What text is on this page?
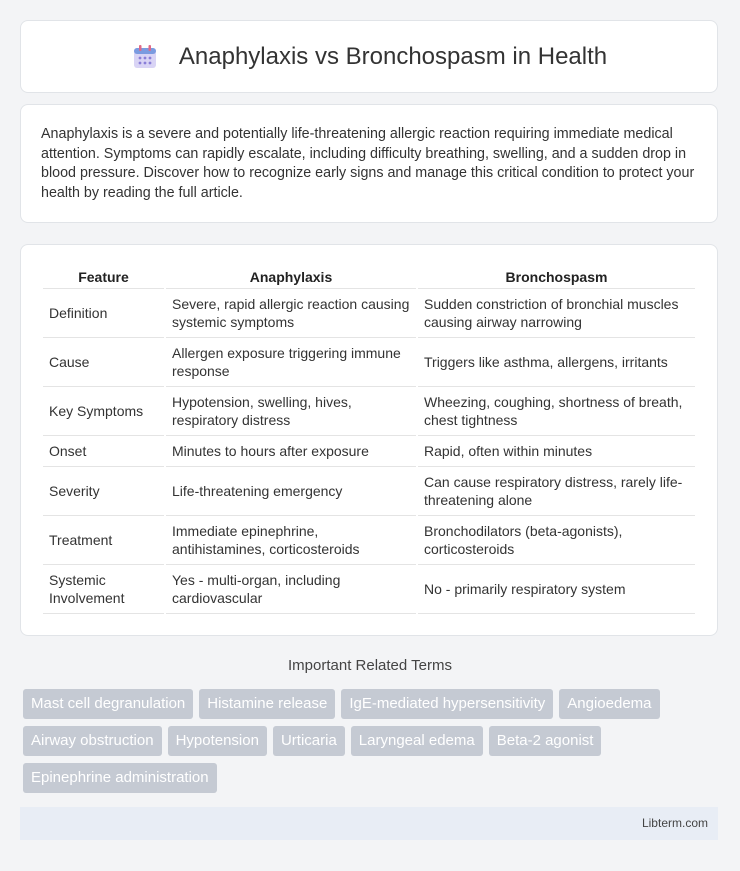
Anaphylaxis vs Bronchospasm in Health

Anaphylaxis is a severe and potentially life-threatening allergic reaction requiring immediate medical attention. Symptoms can rapidly escalate, including difficulty breathing, swelling, and a sudden drop in blood pressure. Discover how to recognize early signs and manage this critical condition to protect your health by reading the full article.

Feature	Anaphylaxis	Bronchospasm
Definition	Severe, rapid allergic reaction causing systemic symptoms	Sudden constriction of bronchial muscles causing airway narrowing
Cause	Allergen exposure triggering immune response	Triggers like asthma, allergens, irritants
Key Symptoms	Hypotension, swelling, hives, respiratory distress	Wheezing, coughing, shortness of breath, chest tightness
Onset	Minutes to hours after exposure	Rapid, often within minutes
Severity	Life-threatening emergency	Can cause respiratory distress, rarely life-threatening alone
Treatment	Immediate epinephrine, antihistamines, corticosteroids	Bronchodilators (beta-agonists), corticosteroids
Systemic Involvement	Yes - multi-organ, including cardiovascular	No - primarily respiratory system
Important Related Terms
Mast cell degranulation	Histamine release	IgE-mediated hypersensitivity	Angioedema
Airway obstruction	Hypotension	Urticaria	Laryngeal edema	Beta-2 agonist
Epinephrine administration
Libterm.com
